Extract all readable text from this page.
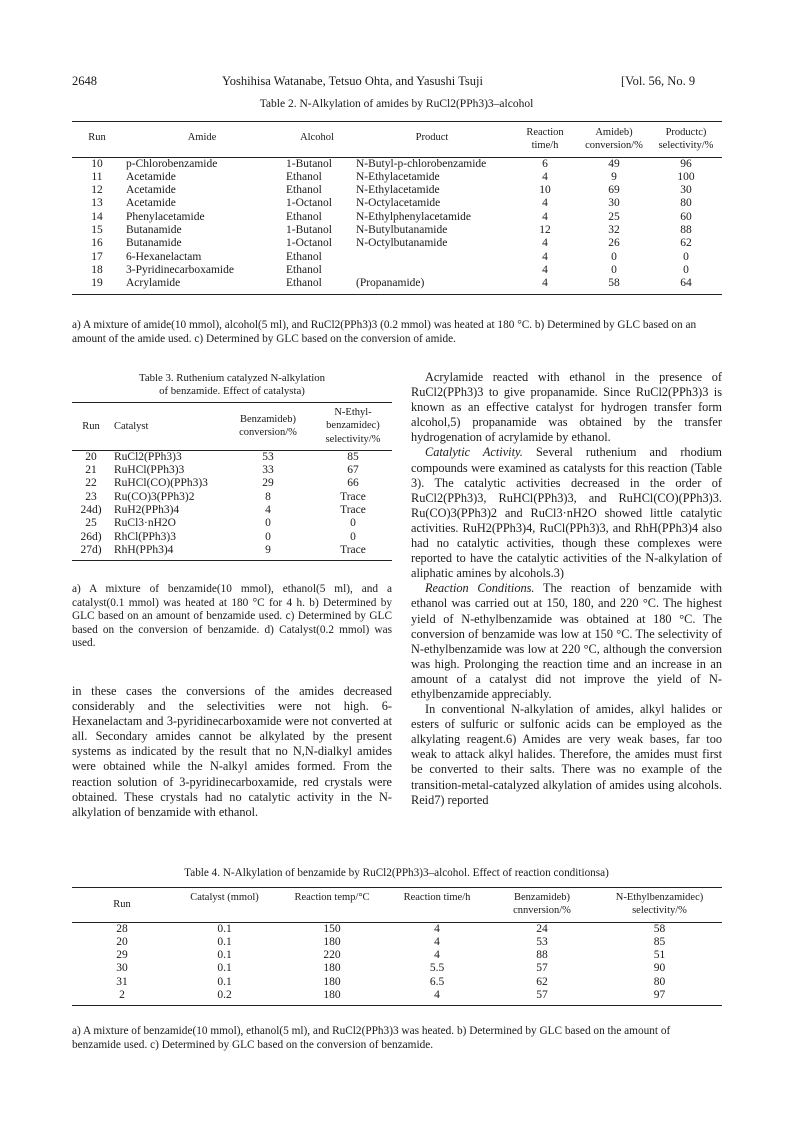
2648	Yoshihisa Watanabe, Tetsuo Ohta, and Yasushi Tsuji	[Vol. 56, No. 9
Table 2. N-Alkylation of amides by RuCl2(PPh3)3–alcohol
Run	Amide	Alcohol	Product	Reaction time/h	Amideb) conversion/%	Productc) selectivity/%

10	p-Chlorobenzamide	1-Butanol	N-Butyl-p-chlorobenzamide	6	49	96
11	Acetamide	Ethanol	N-Ethylacetamide	4	9	100
12	Acetamide	Ethanol	N-Ethylacetamide	10	69	30
13	Acetamide	1-Octanol	N-Octylacetamide	4	30	80
14	Phenylacetamide	Ethanol	N-Ethylphenylacetamide	4	25	60
15	Butanamide	1-Butanol	N-Butylbutanamide	12	32	88
16	Butanamide	1-Octanol	N-Octylbutanamide	4	26	62
17	6-Hexanelactam	Ethanol		4	0	0
18	3-Pyridinecarboxamide	Ethanol		4	0	0
19	Acrylamide	Ethanol	(Propanamide)	4	58	64

a) A mixture of amide(10 mmol), alcohol(5 ml), and RuCl2(PPh3)3 (0.2 mmol) was heated at 180 °C. b) Determined by GLC based on an amount of the amide used. c) Determined by GLC based on the conversion of amide.
Table 3. Ruthenium catalyzed N-alkylation
of benzamide. Effect of catalysta)
Run	Catalyst	Benzamideb) conversion/%	N-Ethyl-benzamidec) selectivity/%

20	RuCl2(PPh3)3	53	85
21	RuHCl(PPh3)3	33	67
22	RuHCl(CO)(PPh3)3	29	66
23	Ru(CO)3(PPh3)2	8	Trace
24d)	RuH2(PPh3)4	4	Trace
25	RuCl3·nH2O	0	0
26d)	RhCl(PPh3)3	0	0
27d)	RhH(PPh3)4	9	Trace

a) A mixture of benzamide(10 mmol), ethanol(5 ml), and a catalyst(0.1 mmol) was heated at 180 °C for 4 h. b) Determined by GLC based on an amount of benzamide used. c) Determined by GLC based on the conversion of benzamide. d) Catalyst(0.2 mmol) was used.

in these cases the conversions of the amides decreased considerably and the selectivities were not high. 6-Hexanelactam and 3-pyridinecarboxamide were not converted at all. Secondary amides cannot be alkylated by the present systems as indicated by the result that no N,N-dialkyl amides were obtained while the N-alkyl amides formed. From the reaction solution of 3-pyridinecarboxamide, red crystals were obtained. These crystals had no catalytic activity in the N-alkylation of benzamide with ethanol.

Acrylamide reacted with ethanol in the presence of RuCl2(PPh3)3 to give propanamide. Since RuCl2(PPh3)3 is known as an effective catalyst for hydrogen transfer form alcohol,5) propanamide was obtained by the transfer hydrogenation of acrylamide by ethanol.

Catalytic Activity. Several ruthenium and rhodium compounds were examined as catalysts for this reaction (Table 3). The catalytic activities decreased in the order of RuCl2(PPh3)3, RuHCl(PPh3)3, and RuHCl(CO)(PPh3)3. Ru(CO)3(PPh3)2 and RuCl3·nH2O showed little catalytic activities. RuH2(PPh3)4, RuCl(PPh3)3, and RhH(PPh3)4 also had no catalytic activities, though these complexes were reported to have the catalytic activities of the N-alkylation of aliphatic amines by alcohols.3)

Reaction Conditions. The reaction of benzamide with ethanol was carried out at 150, 180, and 220 °C. The highest yield of N-ethylbenzamide was obtained at 180 °C. The conversion of benzamide was low at 150 °C. The selectivity of N-ethylbenzamide was low at 220 °C, although the conversion was high. Prolonging the reaction time and an increase in an amount of a catalyst did not improve the yield of N-ethylbenzamide appreciably.

In conventional N-alkylation of amides, alkyl halides or esters of sulfuric or sulfonic acids can be employed as the alkylating reagent.6) Amides are very weak bases, far too weak to attack alkyl halides. Therefore, the amides must first be converted to their salts. There was no example of the transition-metal-catalyzed alkylation of amides using alcohols. Reid7) reported

Table 4. N-Alkylation of benzamide by RuCl2(PPh3)3–alcohol. Effect of reaction conditionsa)
Run	Catalyst (mmol)	Reaction temp/°C	Reaction time/h	Benzamideb) cnnversion/%	N-Ethylbenzamidec) selectivity/%

28	0.1	150	4	24	58
20	0.1	180	4	53	85
29	0.1	220	4	88	51
30	0.1	180	5.5	57	90
31	0.1	180	6.5	62	80
2	0.2	180	4	57	97

a) A mixture of benzamide(10 mmol), ethanol(5 ml), and RuCl2(PPh3)3 was heated. b) Determined by GLC based on the amount of benzamide used. c) Determined by GLC based on the conversion of benzamide.
